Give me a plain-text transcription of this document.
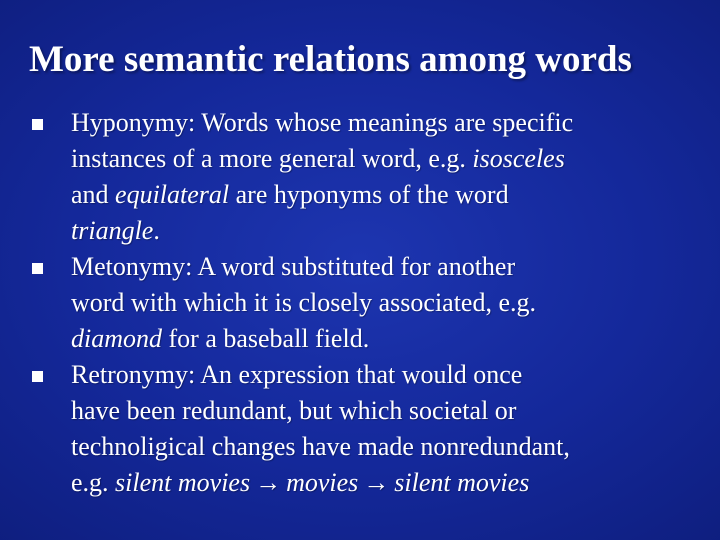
More semantic relations among words
Hyponymy: Words whose meanings are specific
instances of a more general word, e.g. isosceles
and equilateral are hyponyms of the word
triangle.
Metonymy: A word substituted for another
word with which it is closely associated, e.g.
diamond for a baseball field.
Retronymy: An expression that would once
have been redundant, but which societal or
technoligical changes have made nonredundant,
e.g. silent movies → movies → silent movies
